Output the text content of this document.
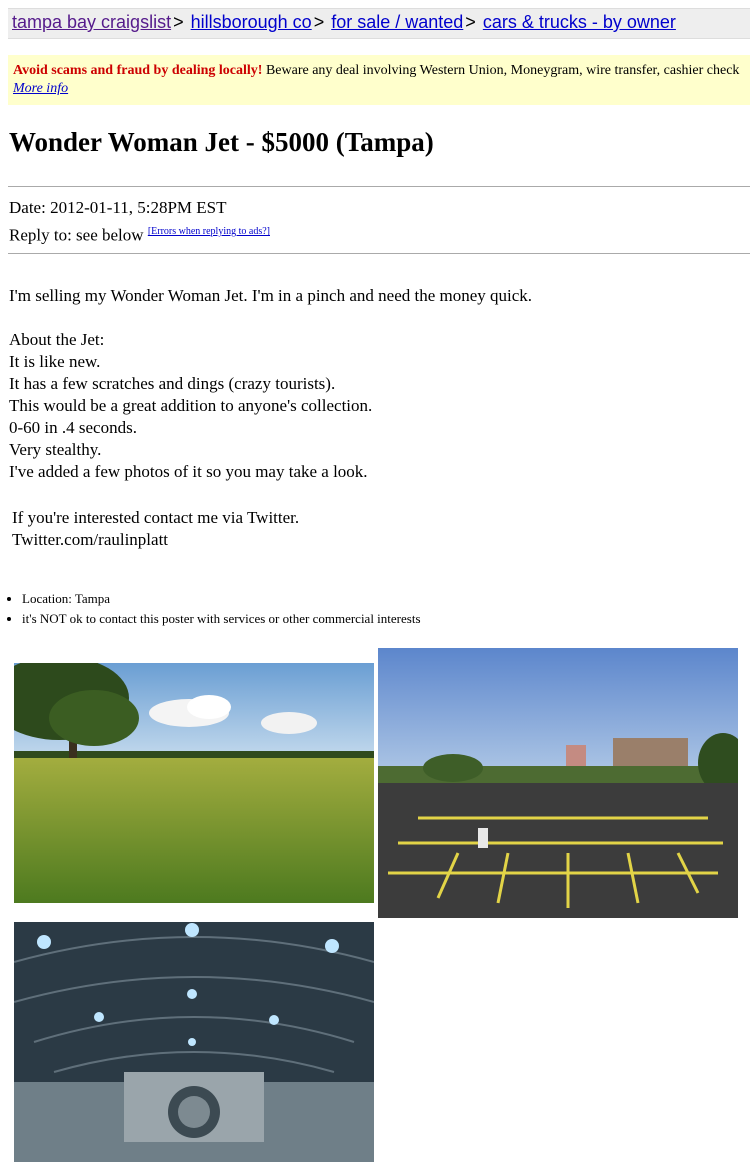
tampa bay craigslist > hillsborough co > for sale / wanted > cars & trucks - by owner
Avoid scams and fraud by dealing locally! Beware any deal involving Western Union, Moneygram, wire transfer, cashier check
More info
Wonder Woman Jet - $5000 (Tampa)
Date: 2012-01-11, 5:28PM EST
Reply to: see below [Errors when replying to ads?]
I'm selling my Wonder Woman Jet. I'm in a pinch and need the money quick.
About the Jet:
It is like new.
It has a few scratches and dings (crazy tourists).
This would be a great addition to anyone's collection.
0-60 in .4 seconds.
Very stealthy.
I've added a few photos of it so you may take a look.
If you're interested contact me via Twitter.
Twitter.com/raulinplatt
• Location: Tampa
• it's NOT ok to contact this poster with services or other commercial interests
